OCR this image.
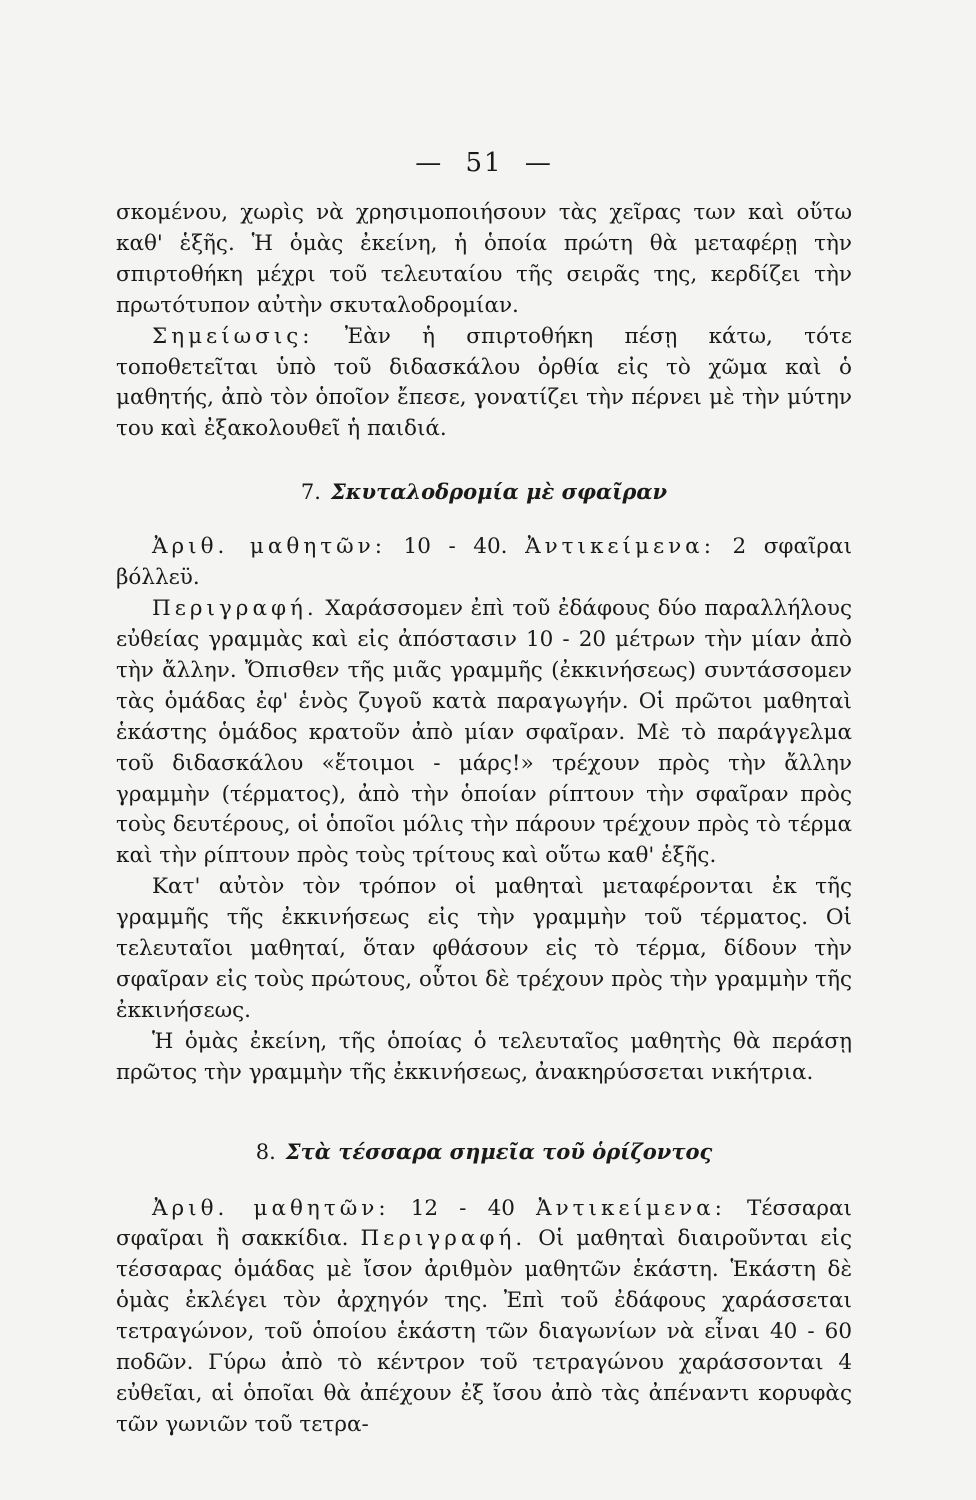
— 51 —

σκομένου, χωρὶς νὰ χρησιμοποιήσουν τὰς χεῖρας των καὶ οὕτω καθ' ἑξῆς. Ἡ ὁμὰς ἐκείνη, ἡ ὁποία πρώτη θὰ μεταφέρῃ τὴν σπιρτοθήκη μέχρι τοῦ τελευταίου τῆς σειρᾶς της, κερδίζει τὴν πρωτότυπον αὐτὴν σκυταλοδρομίαν.

Σημείωσις: Ἐὰν ἡ σπιρτοθήκη πέσῃ κάτω, τότε τοποθετεῖται ὑπὸ τοῦ διδασκάλου ὀρθία εἰς τὸ χῶμα καὶ ὁ μαθητής, ἀπὸ τὸν ὁποῖον ἔπεσε, γονατίζει τὴν πέρνει μὲ τὴν μύτην του καὶ ἐξακολουθεῖ ἡ παιδιά.

7. Σκυταλοδρομία μὲ σφαῖραν

Ἀριθ. μαθητῶν: 10 - 40. Ἀντικείμενα: 2 σφαῖραι βόλλεϋ.

Περιγραφή. Χαράσσομεν ἐπὶ τοῦ ἐδάφους δύο παραλλήλους εὐθείας γραμμὰς καὶ εἰς ἀπόστασιν 10 - 20 μέτρων τὴν μίαν ἀπὸ τὴν ἄλλην. Ὄπισθεν τῆς μιᾶς γραμμῆς (ἐκκινήσεως) συντάσσομεν τὰς ὁμάδας ἐφ' ἑνὸς ζυγοῦ κατὰ παραγωγήν. Οἱ πρῶτοι μαθηταὶ ἑκάστης ὁμάδος κρατοῦν ἀπὸ μίαν σφαῖραν. Μὲ τὸ παράγγελμα τοῦ διδασκάλου «ἕτοιμοι - μάρς!» τρέχουν πρὸς τὴν ἄλλην γραμμὴν (τέρματος), ἀπὸ τὴν ὁποίαν ρίπτουν τὴν σφαῖραν πρὸς τοὺς δευτέρους, οἱ ὁποῖοι μόλις τὴν πάρουν τρέχουν πρὸς τὸ τέρμα καὶ τὴν ρίπτουν πρὸς τοὺς τρίτους καὶ οὕτω καθ' ἑξῆς.

Κατ' αὐτὸν τὸν τρόπον οἱ μαθηταὶ μεταφέρονται ἐκ τῆς γραμμῆς τῆς ἐκκινήσεως εἰς τὴν γραμμὴν τοῦ τέρματος. Οἱ τελευταῖοι μαθηταί, ὅταν φθάσουν εἰς τὸ τέρμα, δίδουν τὴν σφαῖραν εἰς τοὺς πρώτους, οὗτοι δὲ τρέχουν πρὸς τὴν γραμμὴν τῆς ἐκκινήσεως.

Ἡ ὁμὰς ἐκείνη, τῆς ὁποίας ὁ τελευταῖος μαθητὴς θὰ περάσῃ πρῶτος τὴν γραμμὴν τῆς ἐκκινήσεως, ἀνακηρύσσεται νικήτρια.

8. Στὰ τέσσαρα σημεῖα τοῦ ὁρίζοντος

Ἀριθ. μαθητῶν: 12 - 40 Ἀντικείμενα: Τέσσαραι σφαῖραι ἢ σακκίδια. Περιγραφή. Οἱ μαθηταὶ διαιροῦνται εἰς τέσσαρας ὁμάδας μὲ ἴσον ἀριθμὸν μαθητῶν ἑκάστη. Ἑκάστη δὲ ὁμὰς ἐκλέγει τὸν ἀρχηγόν της. Ἐπὶ τοῦ ἐδάφους χαράσσεται τετραγώνον, τοῦ ὁποίου ἑκάστη τῶν διαγωνίων νὰ εἶναι 40 - 60 ποδῶν. Γύρω ἀπὸ τὸ κέντρον τοῦ τετραγώνου χαράσσονται 4 εὐθεῖαι, αἱ ὁποῖαι θὰ ἀπέχουν ἐξ ἴσου ἀπὸ τὰς ἀπέναντι κορυφὰς τῶν γωνιῶν τοῦ τετρα-
